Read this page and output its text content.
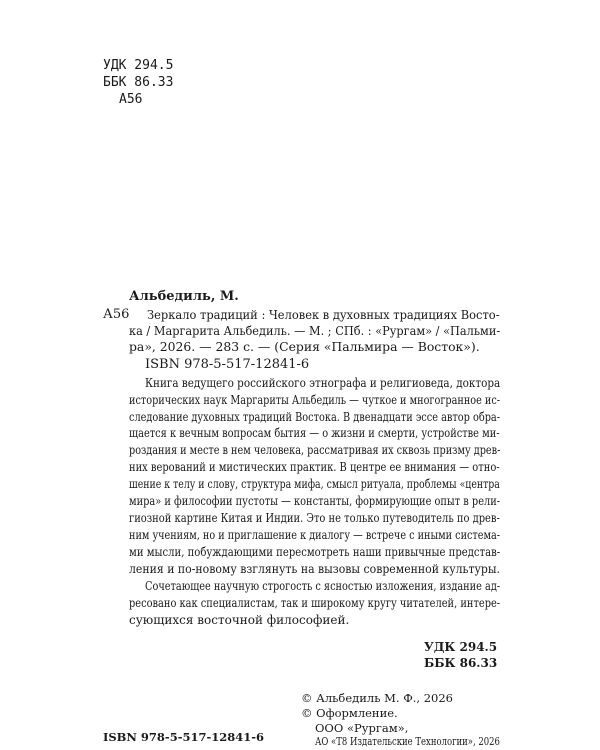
УДК 294.5
ББК 86.33
А56
Альбедиль, М.
А56 Зеркало традиций : Человек в духовных традициях Восто-
ка / Маргарита Альбедиль. — М. ; СПб. : «Рургам» / «Пальми-
ра», 2026. — 283 с. — (Серия «Пальмира — Восток»).
ISBN 978-5-517-12841-6
Книга ведущего российского этнографа и религиоведа, доктора
исторических наук Маргариты Альбедиль — чуткое и многогранное ис-
следование духовных традиций Востока. В двенадцати эссе автор обра-
щается к вечным вопросам бытия — о жизни и смерти, устройстве ми-
роздания и месте в нем человека, рассматривая их сквозь призму древ-
них верований и мистических практик. В центре ее внимания — отно-
шение к телу и слову, структура мифа, смысл ритуала, проблемы «центра
мира» и философии пустоты — константы, формирующие опыт в рели-
гиозной картине Китая и Индии. Это не только путеводитель по древ-
ним учениям, но и приглашение к диалогу — встрече с иными система-
ми мысли, побуждающими пересмотреть наши привычные представ-
ления и по-новому взглянуть на вызовы современной культуры.
Сочетающее научную строгость с ясностью изложения, издание ад-
ресовано как специалистам, так и широкому кругу читателей, интере-
сующихся восточной философией.
УДК 294.5
ББК 86.33
ISBN 978-5-517-12841-6
© Альбедиль М. Ф., 2026
© Оформление.
ООО «Рургам»,
АО «Т8 Издательские Технологии», 2026
